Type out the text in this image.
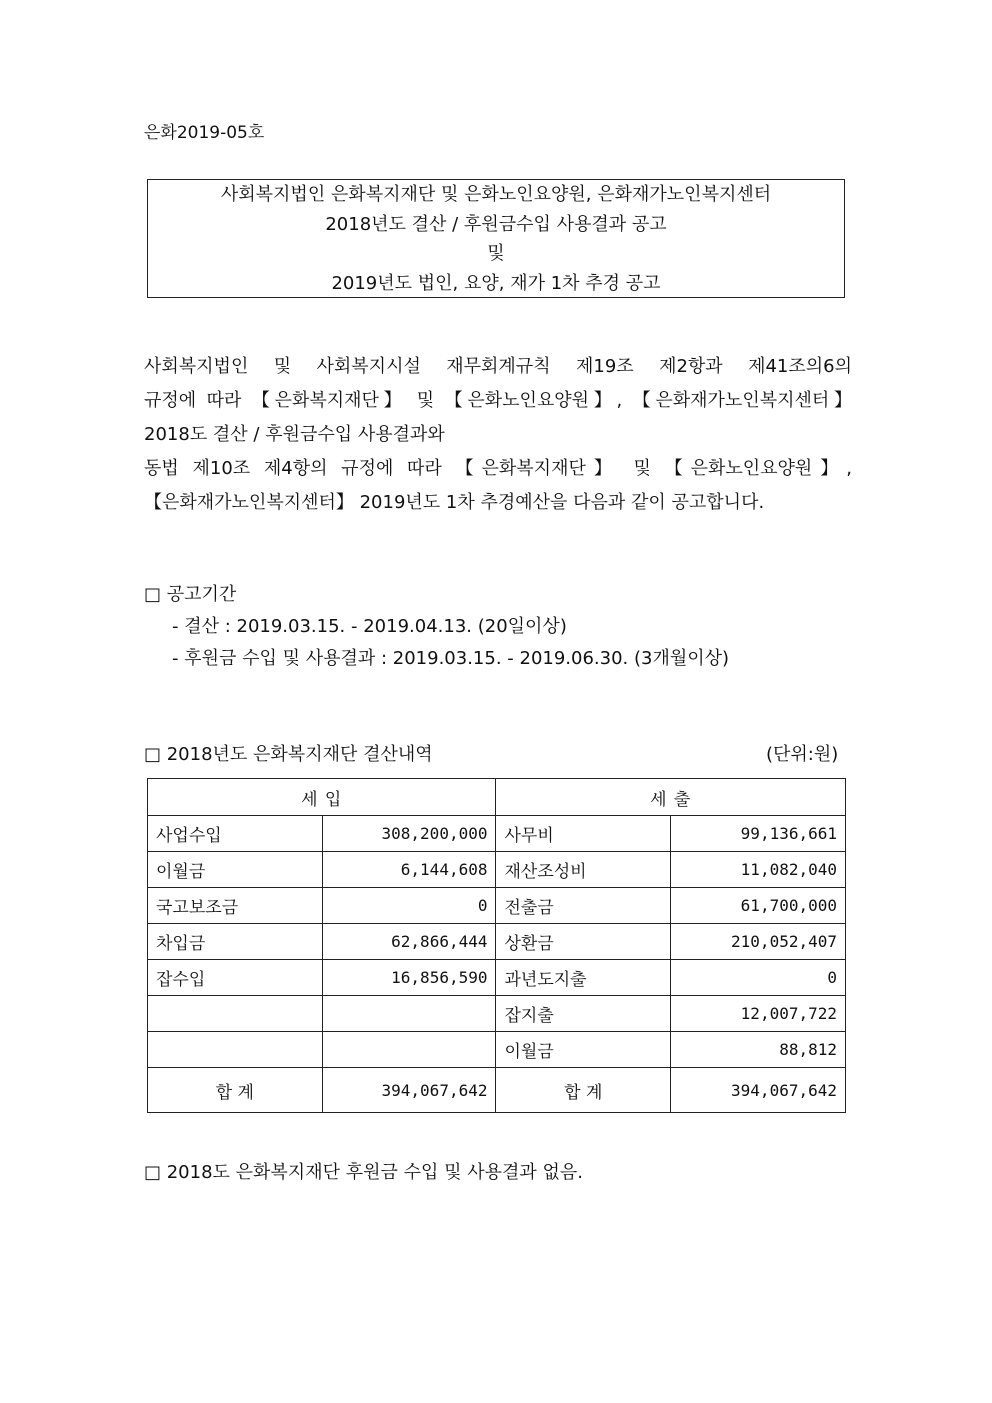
은화2019-05호
사회복지법인 은화복지재단 및 은화노인요양원, 은화재가노인복지센터
2018년도 결산 / 후원금수입 사용결과 공고
및
2019년도 법인, 요양, 재가 1차 추경 공고
사회복지법인 및 사회복지시설 재무회계규칙 제19조 제2항과 제41조의6의
규정에 따라 【은화복지재단】 및 【은화노인요양원】, 【은화재가노인복지센터】
2018도 결산 / 후원금수입 사용결과와
동법 제10조 제4항의 규정에 따라 【은화복지재단】 및 【은화노인요양원】,
【은화재가노인복지센터】 2019년도 1차 추경예산을 다음과 같이 공고합니다.
□ 공고기간
- 결산 : 2019.03.15. - 2019.04.13. (20일이상)
- 후원금 수입 및 사용결과 : 2019.03.15. - 2019.06.30. (3개월이상)
□ 2018년도 은화복지재단 결산내역	(단위:원)
세 입		세 출	
사업수입	308,200,000	사무비	99,136,661
이월금	6,144,608	재산조성비	11,082,040
국고보조금	0	전출금	61,700,000
차입금	62,866,444	상환금	210,052,407
잡수입	16,856,590	과년도지출	0
		잡지출	12,007,722
		이월금	88,812
합 계	394,067,642	합 계	394,067,642
□ 2018도 은화복지재단 후원금 수입 및 사용결과 없음.
